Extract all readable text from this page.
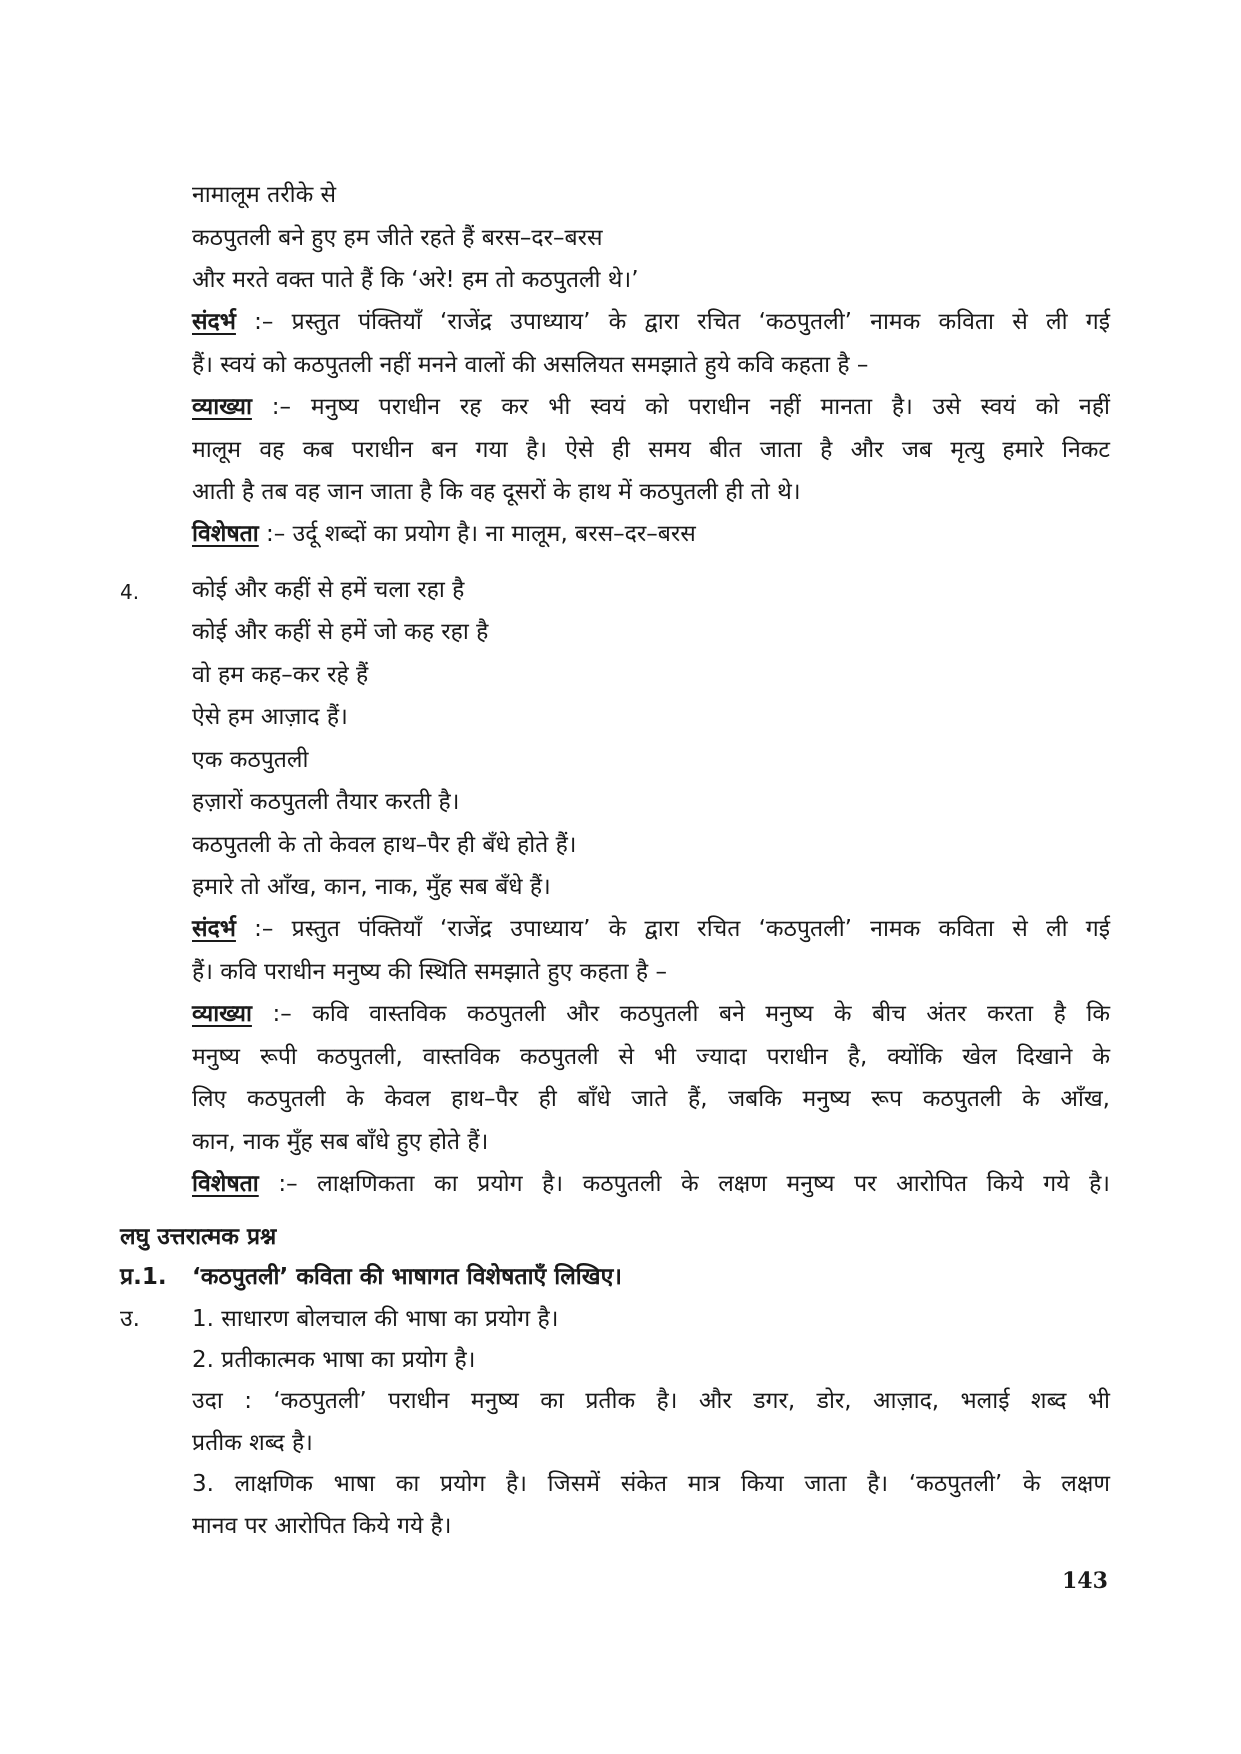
नामालूम तरीके से
कठपुतली बने हुए हम जीते रहते हैं बरस–दर–बरस
और मरते वक्त पाते हैं कि ‘अरे! हम तो कठपुतली थे।’
संदर्भ :– प्रस्तुत पंक्तियाँ ‘राजेंद्र उपाध्याय’ के द्वारा रचित ‘कठपुतली’ नामक कविता से ली गई
हैं। स्वयं को कठपुतली नहीं मनने वालों की असलियत समझाते हुये कवि कहता है –
व्याख्या :– मनुष्य पराधीन रह कर भी स्वयं को पराधीन नहीं मानता है। उसे स्वयं को नहीं
मालूम वह कब पराधीन बन गया है। ऐसे ही समय बीत जाता है और जब मृत्यु हमारे निकट
आती है तब वह जान जाता है कि वह दूसरों के हाथ में कठपुतली ही तो थे।
विशेषता :– उर्दू शब्दों का प्रयोग है। ना मालूम, बरस–दर–बरस
4. कोई और कहीं से हमें चला रहा है
कोई और कहीं से हमें जो कह रहा है
वो हम कह–कर रहे हैं
ऐसे हम आज़ाद हैं।
एक कठपुतली
हज़ारों कठपुतली तैयार करती है।
कठपुतली के तो केवल हाथ–पैर ही बँधे होते हैं।
हमारे तो आँख, कान, नाक, मुँह सब बँधे हैं।
संदर्भ :– प्रस्तुत पंक्तियाँ ‘राजेंद्र उपाध्याय’ के द्वारा रचित ‘कठपुतली’ नामक कविता से ली गई
हैं। कवि पराधीन मनुष्य की स्थिति समझाते हुए कहता है –
व्याख्या :– कवि वास्तविक कठपुतली और कठपुतली बने मनुष्य के बीच अंतर करता है कि
मनुष्य रूपी कठपुतली, वास्तविक कठपुतली से भी ज्यादा पराधीन है, क्योंकि खेल दिखाने के
लिए कठपुतली के केवल हाथ–पैर ही बाँधे जाते हैं, जबकि मनुष्य रूप कठपुतली के आँख,
कान, नाक मुँह सब बाँधे हुए होते हैं।
विशेषता :– लाक्षणिकता का प्रयोग है। कठपुतली के लक्षण मनुष्य पर आरोपित किये गये है।
लघु उत्तरात्मक प्रश्न
प्र.1. ‘कठपुतली’ कविता की भाषागत विशेषताएँ लिखिए।
उ. 1. साधारण बोलचाल की भाषा का प्रयोग है।
2. प्रतीकात्मक भाषा का प्रयोग है।
उदा : ‘कठपुतली’ पराधीन मनुष्य का प्रतीक है। और डगर, डोर, आज़ाद, भलाई शब्द भी
प्रतीक शब्द है।
3. लाक्षणिक भाषा का प्रयोग है। जिसमें संकेत मात्र किया जाता है। ‘कठपुतली’ के लक्षण
मानव पर आरोपित किये गये है।
143
